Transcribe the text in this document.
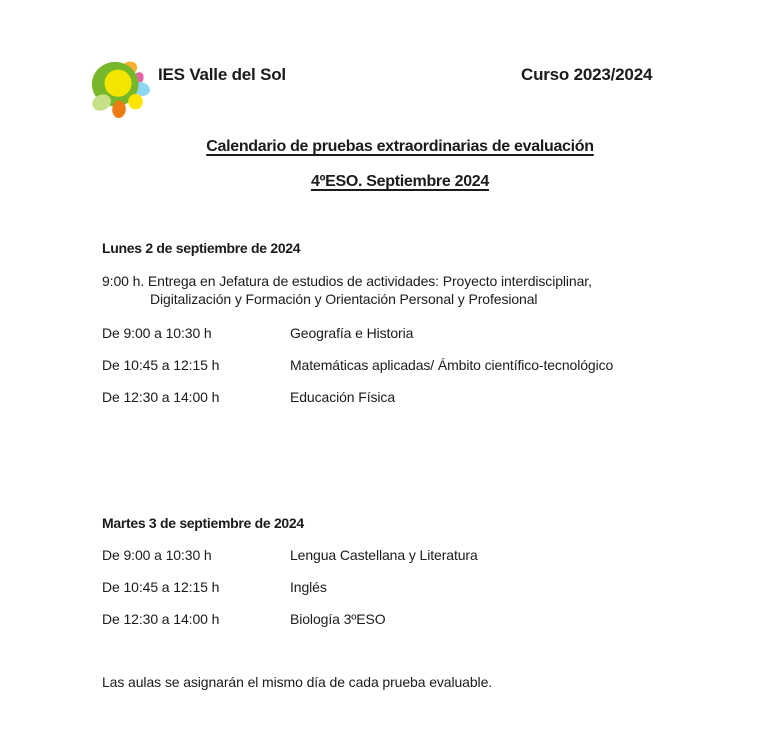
IES Valle del Sol	Curso 2023/2024
Calendario de pruebas extraordinarias de evaluación
4ºESO. Septiembre 2024
Lunes 2 de septiembre de 2024
9:00 h. Entrega en Jefatura de estudios de actividades: Proyecto interdisciplinar,
Digitalización y Formación y Orientación Personal y Profesional
De 9:00 a 10:30 h	Geografía e Historia
De 10:45 a 12:15 h	Matemáticas aplicadas/ Ámbito científico-tecnológico
De 12:30 a 14:00 h	Educación Física
Martes 3 de septiembre de 2024
De 9:00 a 10:30 h	Lengua Castellana y Literatura
De 10:45 a 12:15 h	Inglés
De 12:30 a 14:00 h	Biología 3ºESO
Las aulas se asignarán el mismo día de cada prueba evaluable.
